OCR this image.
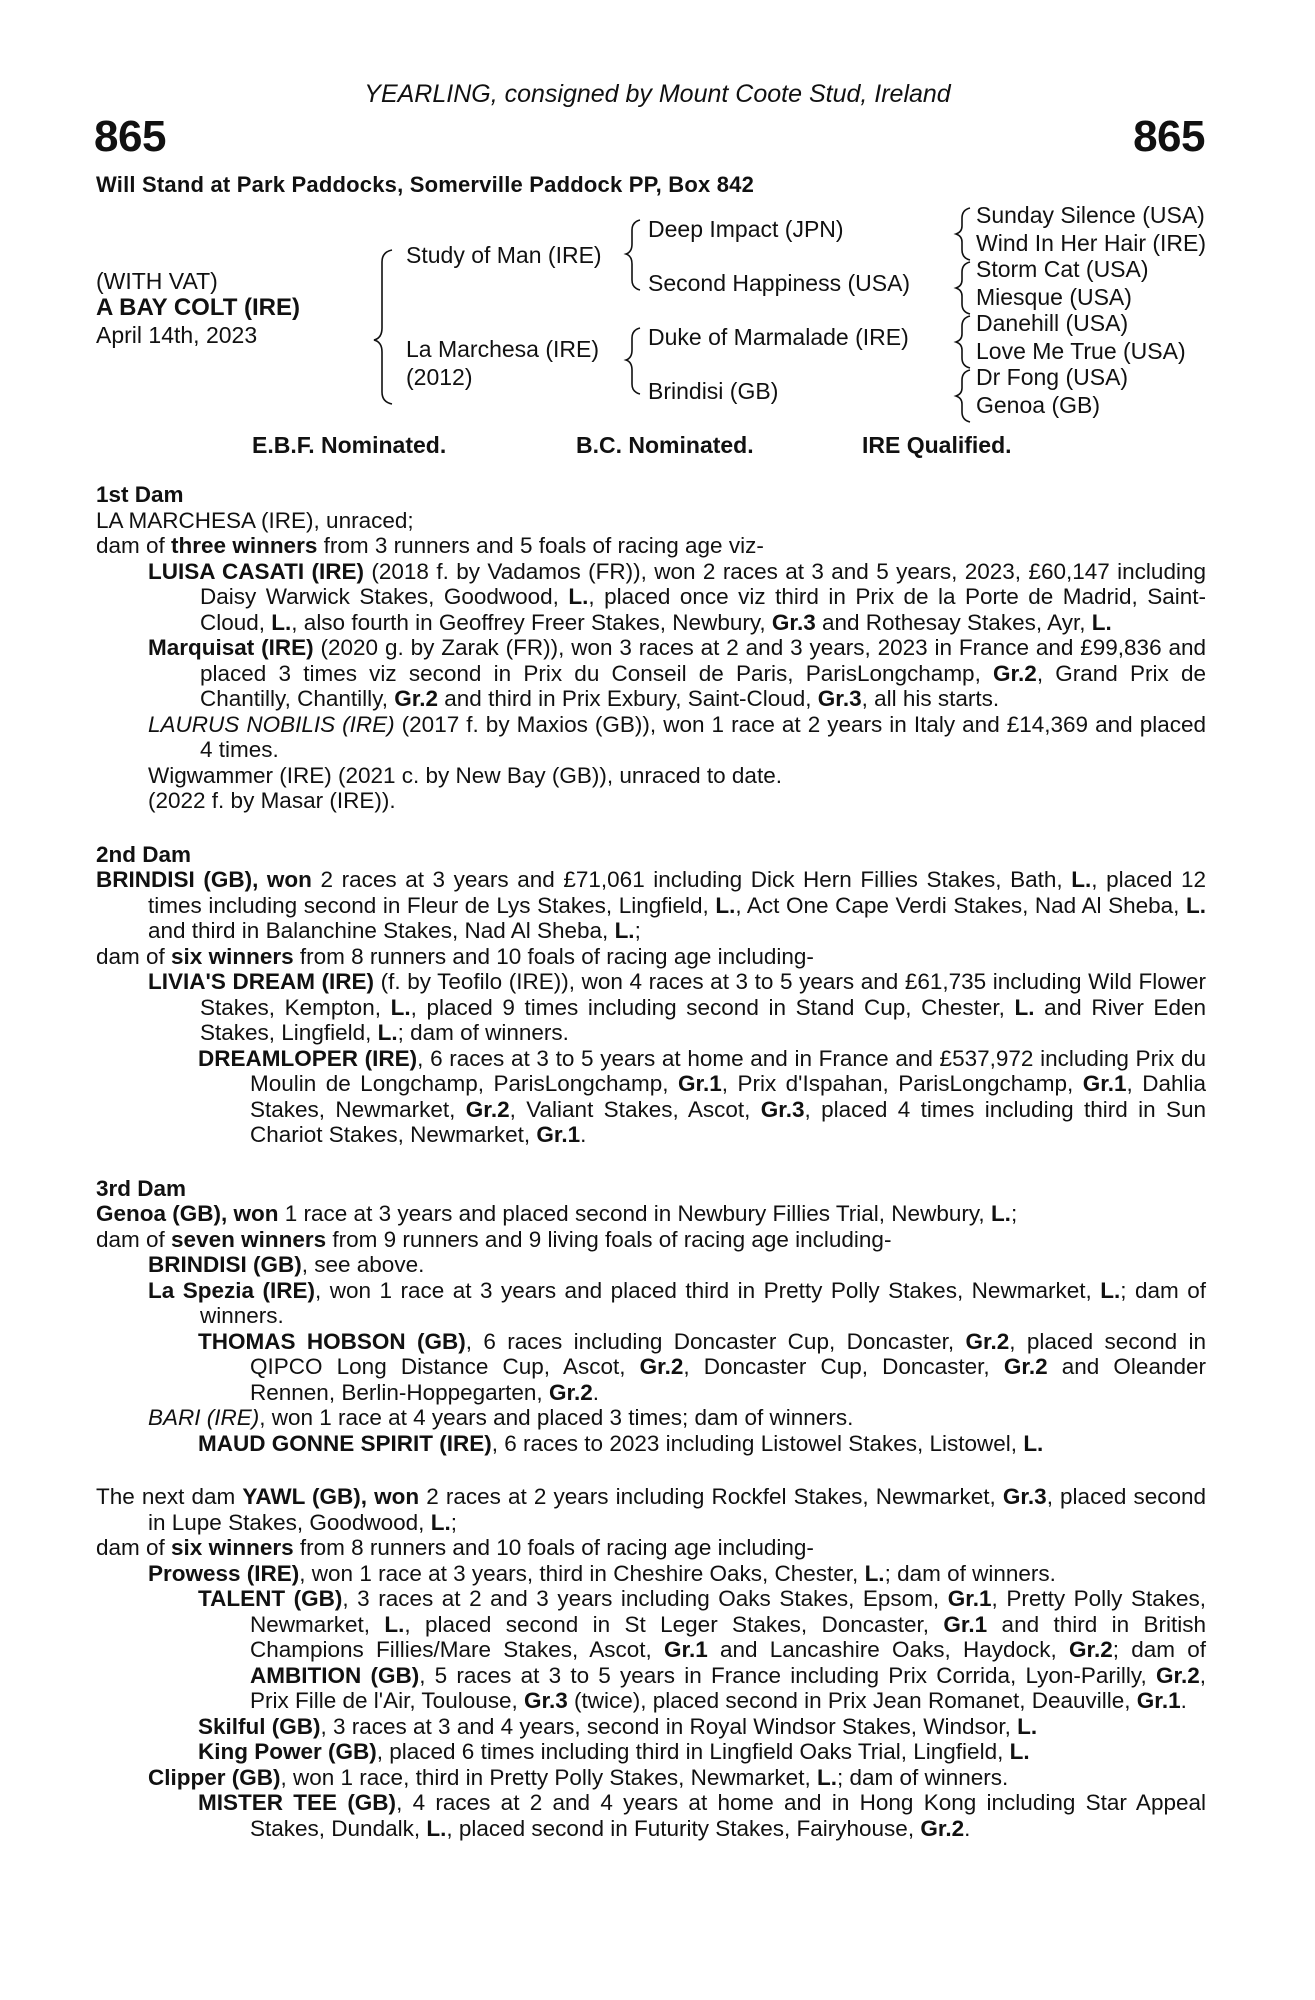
YEARLING, consigned by Mount Coote Stud, Ireland
865	865
Will Stand at Park Paddocks, Somerville Paddock PP, Box 842
(WITH VAT)
A BAY COLT (IRE)
April 14th, 2023
Study of Man (IRE)
La Marchesa (IRE)
(2012)
Deep Impact (JPN)
Second Happiness (USA)
Duke of Marmalade (IRE)
Brindisi (GB)
Sunday Silence (USA)
Wind In Her Hair (IRE)
Storm Cat (USA)
Miesque (USA)
Danehill (USA)
Love Me True (USA)
Dr Fong (USA)
Genoa (GB)
E.B.F. Nominated.	B.C. Nominated.	IRE Qualified.
1st Dam

LA MARCHESA (IRE), unraced;

dam of three winners from 3 runners and 5 foals of racing age viz-

LUISA CASATI (IRE) (2018 f. by Vadamos (FR)), won 2 races at 3 and 5 years, 2023, £60,147 including Daisy Warwick Stakes, Goodwood, L., placed once viz third in Prix de la Porte de Madrid, Saint-Cloud, L., also fourth in Geoffrey Freer Stakes, Newbury, Gr.3 and Rothesay Stakes, Ayr, L.

Marquisat (IRE) (2020 g. by Zarak (FR)), won 3 races at 2 and 3 years, 2023 in France and £99,836 and placed 3 times viz second in Prix du Conseil de Paris, ParisLongchamp, Gr.2, Grand Prix de Chantilly, Chantilly, Gr.2 and third in Prix Exbury, Saint-Cloud, Gr.3, all his starts.

LAURUS NOBILIS (IRE) (2017 f. by Maxios (GB)), won 1 race at 2 years in Italy and £14,369 and placed 4 times.

Wigwammer (IRE) (2021 c. by New Bay (GB)), unraced to date.

(2022 f. by Masar (IRE)).

2nd Dam

BRINDISI (GB), won 2 races at 3 years and £71,061 including Dick Hern Fillies Stakes, Bath, L., placed 12 times including second in Fleur de Lys Stakes, Lingfield, L., Act One Cape Verdi Stakes, Nad Al Sheba, L. and third in Balanchine Stakes, Nad Al Sheba, L.;

dam of six winners from 8 runners and 10 foals of racing age including-

LIVIA'S DREAM (IRE) (f. by Teofilo (IRE)), won 4 races at 3 to 5 years and £61,735 including Wild Flower Stakes, Kempton, L., placed 9 times including second in Stand Cup, Chester, L. and River Eden Stakes, Lingfield, L.; dam of winners.

DREAMLOPER (IRE), 6 races at 3 to 5 years at home and in France and £537,972 including Prix du Moulin de Longchamp, ParisLongchamp, Gr.1, Prix d'Ispahan, ParisLongchamp, Gr.1, Dahlia Stakes, Newmarket, Gr.2, Valiant Stakes, Ascot, Gr.3, placed 4 times including third in Sun Chariot Stakes, Newmarket, Gr.1.

3rd Dam

Genoa (GB), won 1 race at 3 years and placed second in Newbury Fillies Trial, Newbury, L.;

dam of seven winners from 9 runners and 9 living foals of racing age including-

BRINDISI (GB), see above.

La Spezia (IRE), won 1 race at 3 years and placed third in Pretty Polly Stakes, Newmarket, L.; dam of winners.

THOMAS HOBSON (GB), 6 races including Doncaster Cup, Doncaster, Gr.2, placed second in QIPCO Long Distance Cup, Ascot, Gr.2, Doncaster Cup, Doncaster, Gr.2 and Oleander Rennen, Berlin-Hoppegarten, Gr.2.

BARI (IRE), won 1 race at 4 years and placed 3 times; dam of winners.

MAUD GONNE SPIRIT (IRE), 6 races to 2023 including Listowel Stakes, Listowel, L.

The next dam YAWL (GB), won 2 races at 2 years including Rockfel Stakes, Newmarket, Gr.3, placed second in Lupe Stakes, Goodwood, L.;

dam of six winners from 8 runners and 10 foals of racing age including-

Prowess (IRE), won 1 race at 3 years, third in Cheshire Oaks, Chester, L.; dam of winners.

TALENT (GB), 3 races at 2 and 3 years including Oaks Stakes, Epsom, Gr.1, Pretty Polly Stakes, Newmarket, L., placed second in St Leger Stakes, Doncaster, Gr.1 and third in British Champions Fillies/Mare Stakes, Ascot, Gr.1 and Lancashire Oaks, Haydock, Gr.2; dam of AMBITION (GB), 5 races at 3 to 5 years in France including Prix Corrida, Lyon-Parilly, Gr.2, Prix Fille de l'Air, Toulouse, Gr.3 (twice), placed second in Prix Jean Romanet, Deauville, Gr.1.

Skilful (GB), 3 races at 3 and 4 years, second in Royal Windsor Stakes, Windsor, L.

King Power (GB), placed 6 times including third in Lingfield Oaks Trial, Lingfield, L.

Clipper (GB), won 1 race, third in Pretty Polly Stakes, Newmarket, L.; dam of winners.

MISTER TEE (GB), 4 races at 2 and 4 years at home and in Hong Kong including Star Appeal Stakes, Dundalk, L., placed second in Futurity Stakes, Fairyhouse, Gr.2.
